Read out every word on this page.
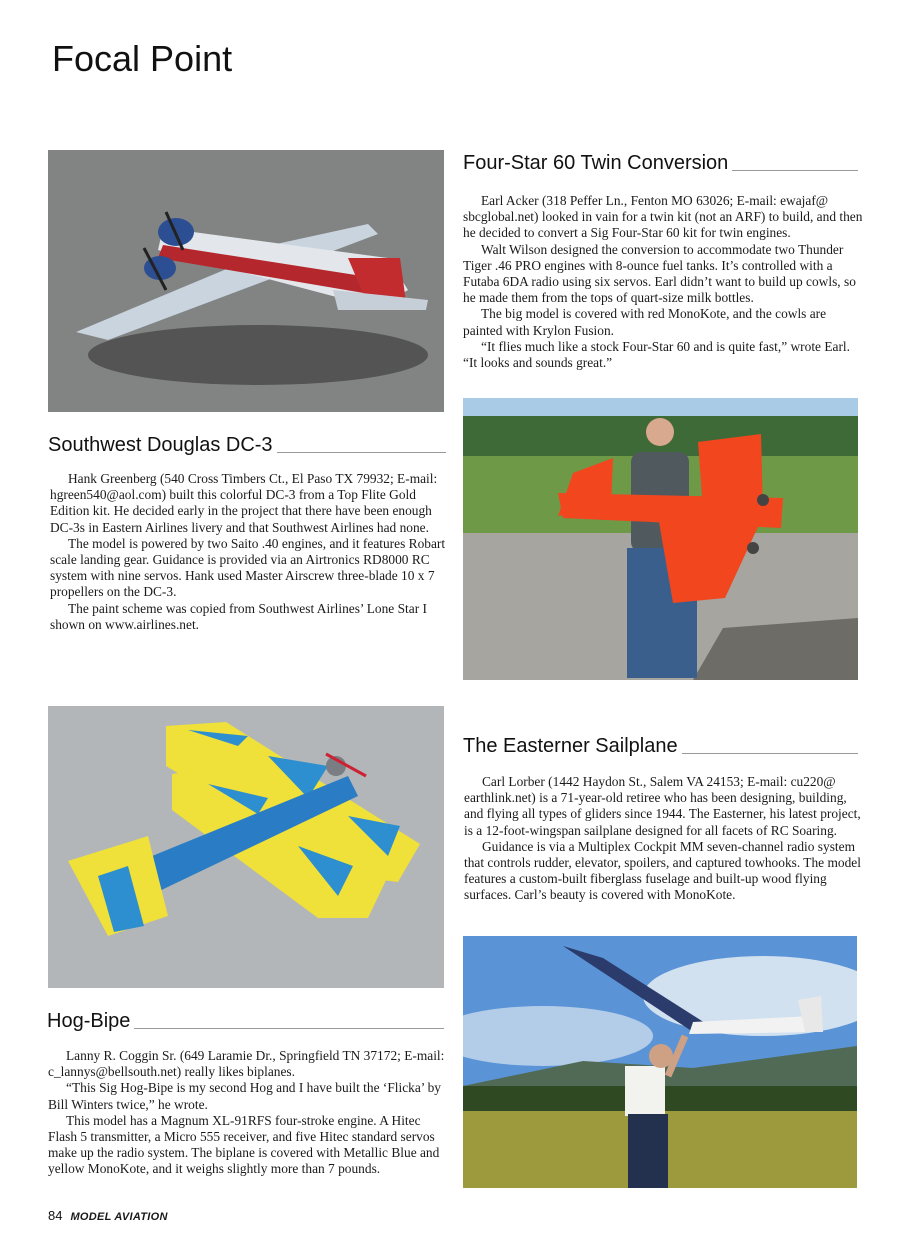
Focal Point
Four-Star 60 Twin Conversion

Earl Acker (318 Peffer Ln., Fenton MO 63026; E-mail: ewajaf@ sbcglobal.net) looked in vain for a twin kit (not an ARF) to build, and then he decided to convert a Sig Four-Star 60 kit for twin engines.

Walt Wilson designed the conversion to accommodate two Thunder Tiger .46 PRO engines with 8-ounce fuel tanks. It’s controlled with a Futaba 6DA radio using six servos. Earl didn’t want to build up cowls, so he made them from the tops of quart-size milk bottles.

The big model is covered with red MonoKote, and the cowls are painted with Krylon Fusion.

“It flies much like a stock Four-Star 60 and is quite fast,” wrote Earl. “It looks and sounds great.”

Southwest Douglas DC-3

Hank Greenberg (540 Cross Timbers Ct., El Paso TX 79932; E-mail: hgreen540@aol.com) built this colorful DC-3 from a Top Flite Gold Edition kit. He decided early in the project that there have been enough DC-3s in Eastern Airlines livery and that Southwest Airlines had none.

The model is powered by two Saito .40 engines, and it features Robart scale landing gear. Guidance is provided via an Airtronics RD8000 RC system with nine servos. Hank used Master Airscrew three-blade 10 x 7 propellers on the DC-3.

The paint scheme was copied from Southwest Airlines’ Lone Star I shown on www.airlines.net.

The Easterner Sailplane

Carl Lorber (1442 Haydon St., Salem VA 24153; E-mail: cu220@ earthlink.net) is a 71-year-old retiree who has been designing, building, and flying all types of gliders since 1944. The Easterner, his latest project, is a 12-foot-wingspan sailplane designed for all facets of RC Soaring.

Guidance is via a Multiplex Cockpit MM seven-channel radio system that controls rudder, elevator, spoilers, and captured towhooks. The model features a custom-built fiberglass fuselage and built-up wood flying surfaces. Carl’s beauty is covered with MonoKote.

Hog-Bipe

Lanny R. Coggin Sr. (649 Laramie Dr., Springfield TN 37172; E-mail: c_lannys@bellsouth.net) really likes biplanes.

“This Sig Hog-Bipe is my second Hog and I have built the ‘Flicka’ by Bill Winters twice,” he wrote.

This model has a Magnum XL-91RFS four-stroke engine. A Hitec Flash 5 transmitter, a Micro 555 receiver, and five Hitec standard servos make up the radio system. The biplane is covered with Metallic Blue and yellow MonoKote, and it weighs slightly more than 7 pounds.

84 MODEL AVIATION
